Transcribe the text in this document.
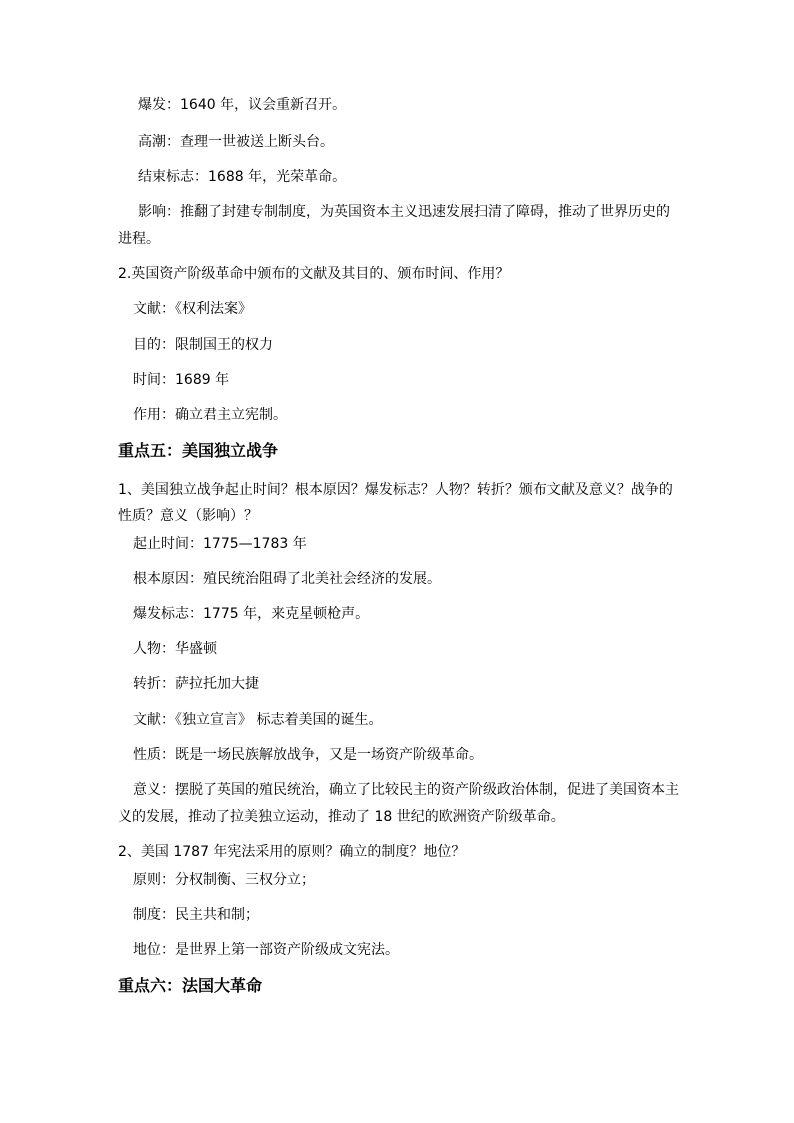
爆发：1640 年，议会重新召开。
高潮：查理一世被送上断头台。
结束标志：1688 年，光荣革命。
影响：推翻了封建专制制度，为英国资本主义迅速发展扫清了障碍，推动了世界历史的
进程。
2.英国资产阶级革命中颁布的文献及其目的、颁布时间、作用？
文献：《权利法案》
目的：限制国王的权力
时间：1689 年
作用：确立君主立宪制。
重点五：美国独立战争
1、美国独立战争起止时间？根本原因？爆发标志？人物？转折？颁布文献及意义？战争的
性质？意义（影响）？
起止时间：1775—1783 年
根本原因：殖民统治阻碍了北美社会经济的发展。
爆发标志：1775 年，来克星顿枪声。
人物：华盛顿
转折：萨拉托加大捷
文献：《独立宣言》 标志着美国的诞生。
性质：既是一场民族解放战争，又是一场资产阶级革命。
意义：摆脱了英国的殖民统治，确立了比较民主的资产阶级政治体制，促进了美国资本主
义的发展，推动了拉美独立运动，推动了 18 世纪的欧洲资产阶级革命。
2、美国 1787 年宪法采用的原则？确立的制度？地位？
原则：分权制衡、三权分立；
制度：民主共和制；
地位：是世界上第一部资产阶级成文宪法。
重点六：法国大革命
